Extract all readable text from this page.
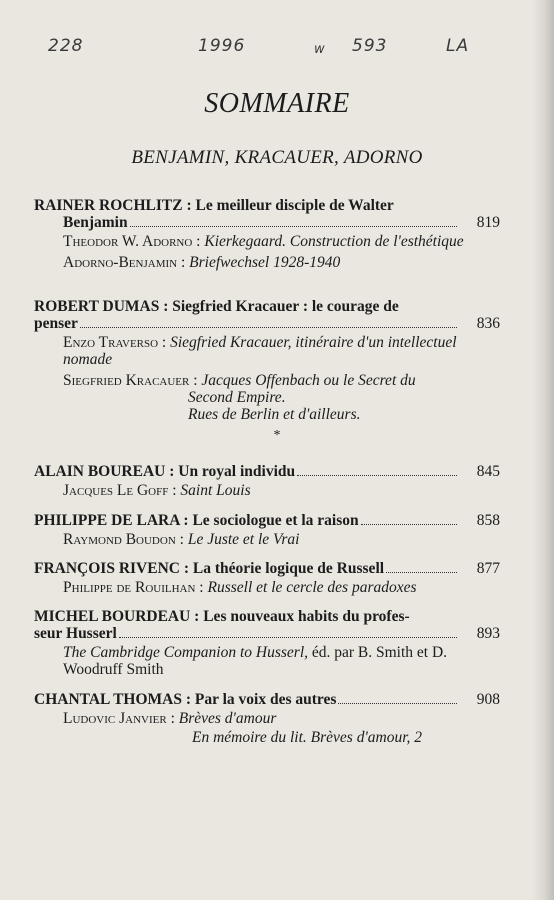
228	1996	w 593	LA
SOMMAIRE
BENJAMIN, KRACAUER, ADORNO
RAINER ROCHLITZ : Le meilleur disciple de Walter
Benjamin	819
Theodor W. Adorno : Kierkegaard. Construction de l'esthétique
Adorno-Benjamin : Briefwechsel 1928-1940
ROBERT DUMAS : Siegfried Kracauer : le courage de
penser	836
Enzo Traverso : Siegfried Kracauer, itinéraire d'un intellectuel nomade
Siegfried Kracauer : Jacques Offenbach ou le Secret du
Second Empire.
Rues de Berlin et d'ailleurs.
*
ALAIN BOUREAU : Un royal individu	845
Jacques Le Goff : Saint Louis
PHILIPPE DE LARA : Le sociologue et la raison	858
Raymond Boudon : Le Juste et le Vrai
FRANÇOIS RIVENC : La théorie logique de Russell	877
Philippe de Rouilhan : Russell et le cercle des paradoxes
MICHEL BOURDEAU : Les nouveaux habits du profes-
seur Husserl	893
The Cambridge Companion to Husserl, éd. par B. Smith et D. Woodruff Smith
CHANTAL THOMAS : Par la voix des autres	908
Ludovic Janvier : Brèves d'amour
En mémoire du lit. Brèves d'amour, 2
